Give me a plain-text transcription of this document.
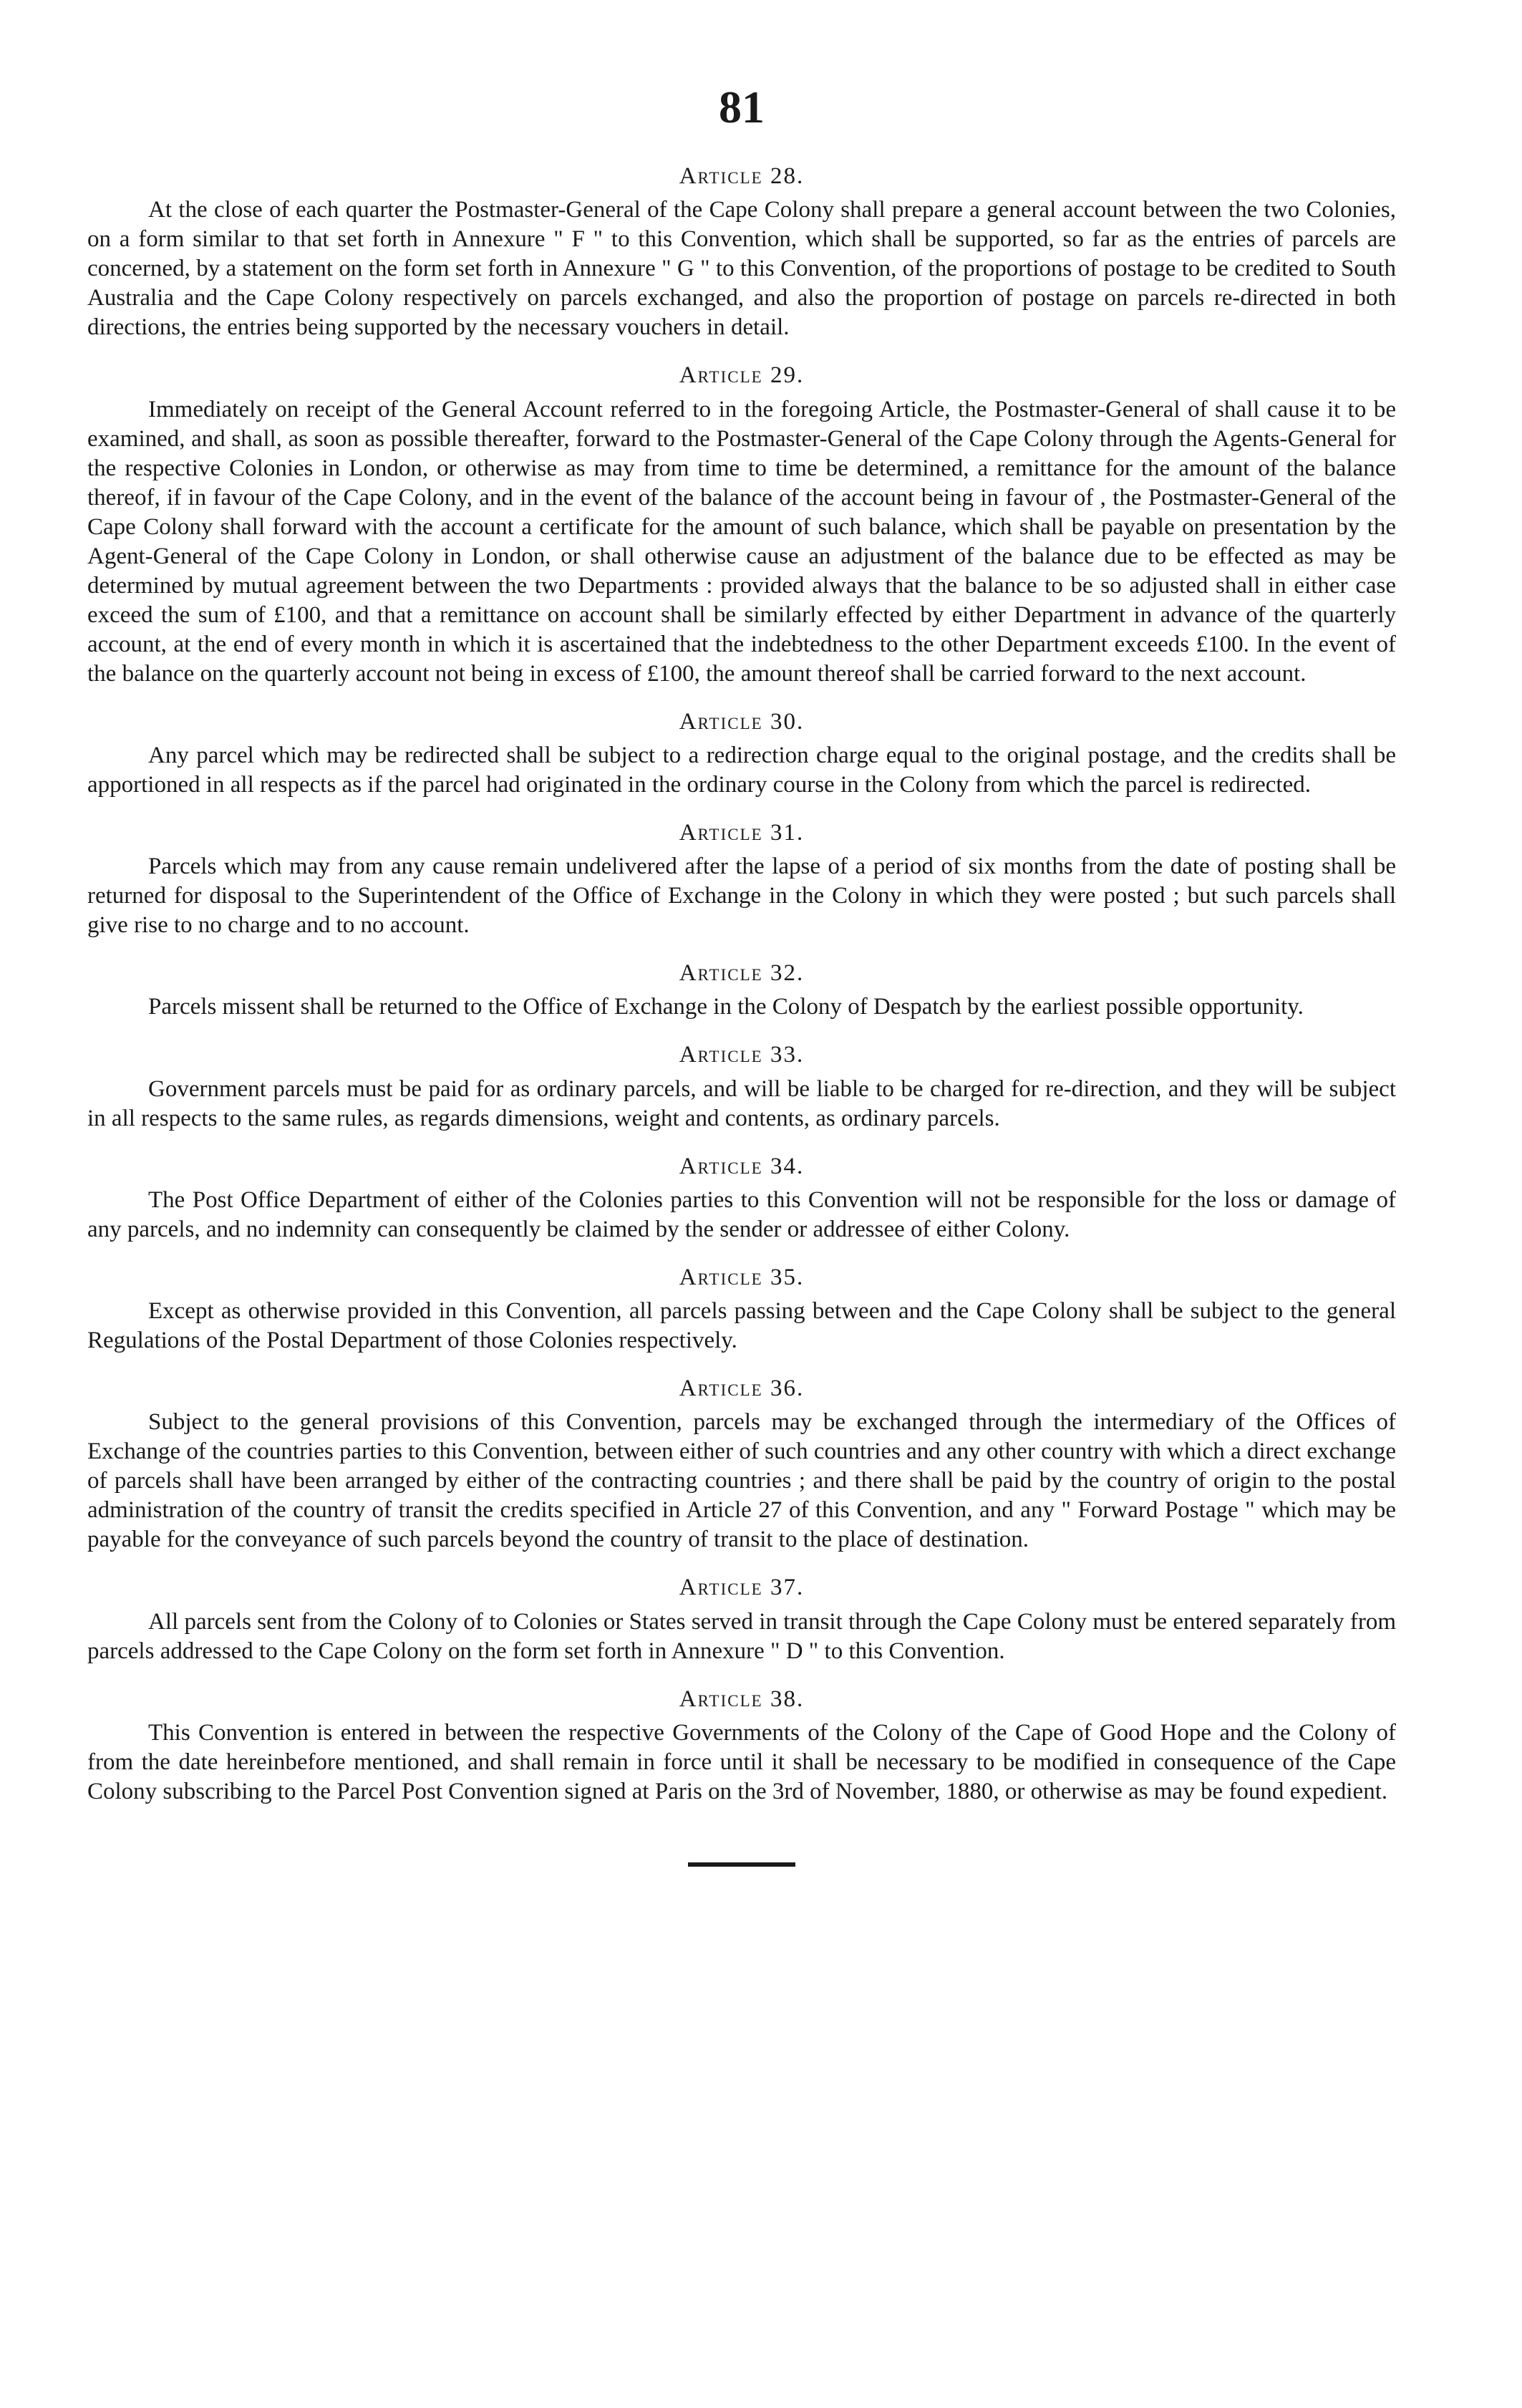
81
Article 28.

At the close of each quarter the Postmaster-General of the Cape Colony shall prepare a general account between the two Colonies, on a form similar to that set forth in Annexure " F " to this Convention, which shall be supported, so far as the entries of parcels are concerned, by a statement on the form set forth in Annexure " G " to this Convention, of the proportions of postage to be credited to South Australia and the Cape Colony respectively on parcels exchanged, and also the proportion of postage on parcels re-directed in both directions, the entries being supported by the necessary vouchers in detail.

Article 29.

Immediately on receipt of the General Account referred to in the foregoing Article, the Postmaster-General of shall cause it to be examined, and shall, as soon as possible thereafter, forward to the Postmaster-General of the Cape Colony through the Agents-General for the respective Colonies in London, or otherwise as may from time to time be determined, a remittance for the amount of the balance thereof, if in favour of the Cape Colony, and in the event of the balance of the account being in favour of , the Postmaster-General of the Cape Colony shall forward with the account a certificate for the amount of such balance, which shall be payable on presentation by the Agent-General of the Cape Colony in London, or shall otherwise cause an adjustment of the balance due to be effected as may be determined by mutual agreement between the two Departments : provided always that the balance to be so adjusted shall in either case exceed the sum of £100, and that a remittance on account shall be similarly effected by either Department in advance of the quarterly account, at the end of every month in which it is ascertained that the indebtedness to the other Department exceeds £100. In the event of the balance on the quarterly account not being in excess of £100, the amount thereof shall be carried forward to the next account.

Article 30.

Any parcel which may be redirected shall be subject to a redirection charge equal to the original postage, and the credits shall be apportioned in all respects as if the parcel had originated in the ordinary course in the Colony from which the parcel is redirected.

Article 31.

Parcels which may from any cause remain undelivered after the lapse of a period of six months from the date of posting shall be returned for disposal to the Superintendent of the Office of Exchange in the Colony in which they were posted ; but such parcels shall give rise to no charge and to no account.

Article 32.

Parcels missent shall be returned to the Office of Exchange in the Colony of Despatch by the earliest possible opportunity.

Article 33.

Government parcels must be paid for as ordinary parcels, and will be liable to be charged for re-direction, and they will be subject in all respects to the same rules, as regards dimensions, weight and contents, as ordinary parcels.

Article 34.

The Post Office Department of either of the Colonies parties to this Convention will not be responsible for the loss or damage of any parcels, and no indemnity can consequently be claimed by the sender or addressee of either Colony.

Article 35.

Except as otherwise provided in this Convention, all parcels passing between and the Cape Colony shall be subject to the general Regulations of the Postal Department of those Colonies respectively.

Article 36.

Subject to the general provisions of this Convention, parcels may be exchanged through the intermediary of the Offices of Exchange of the countries parties to this Convention, between either of such countries and any other country with which a direct exchange of parcels shall have been arranged by either of the contracting countries ; and there shall be paid by the country of origin to the postal administration of the country of transit the credits specified in Article 27 of this Convention, and any " Forward Postage " which may be payable for the conveyance of such parcels beyond the country of transit to the place of destination.

Article 37.

All parcels sent from the Colony of to Colonies or States served in transit through the Cape Colony must be entered separately from parcels addressed to the Cape Colony on the form set forth in Annexure " D " to this Convention.

Article 38.

This Convention is entered in between the respective Governments of the Colony of the Cape of Good Hope and the Colony of from the date hereinbefore mentioned, and shall remain in force until it shall be necessary to be modified in consequence of the Cape Colony subscribing to the Parcel Post Convention signed at Paris on the 3rd of November, 1880, or otherwise as may be found expedient.
